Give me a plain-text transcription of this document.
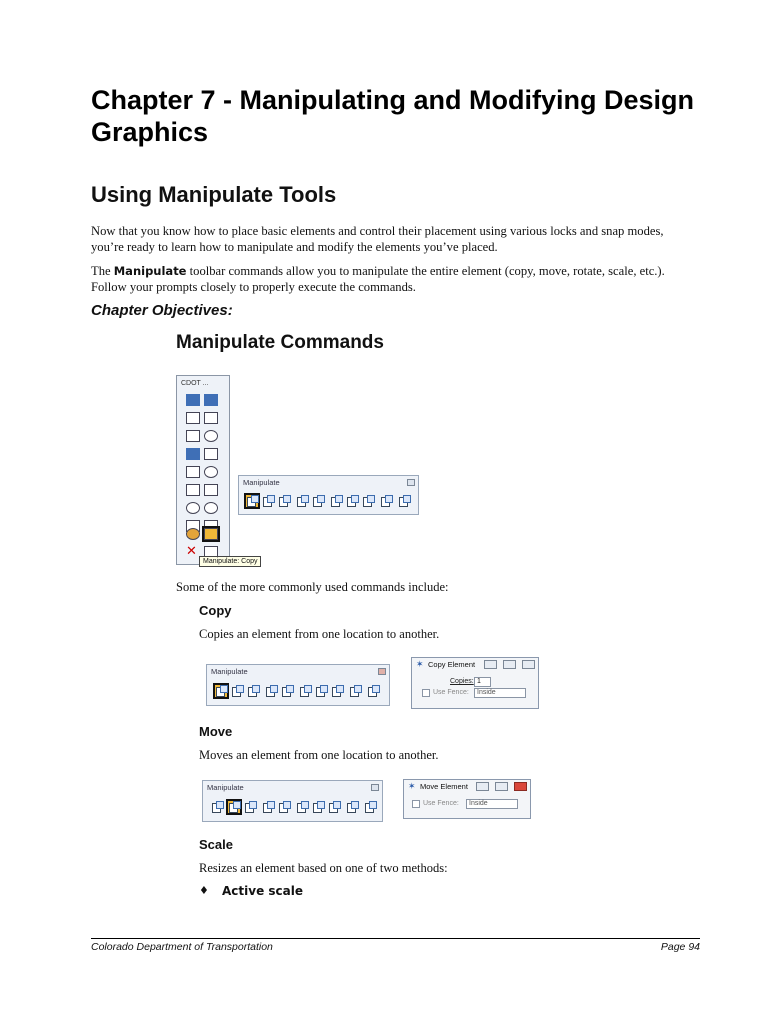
Chapter 7 - Manipulating and Modifying Design Graphics
Using Manipulate Tools
Now that you know how to place basic elements and control their placement using various locks and snap modes, you’re ready to learn how to manipulate and modify the elements you’ve placed.
The Manipulate toolbar commands allow you to manipulate the entire element (copy, move, rotate, scale, etc.). Follow your prompts closely to properly execute the commands.
Chapter Objectives:
Manipulate Commands
CDOT ...
✕
Manipulate: Copy
Manipulate
Some of the more commonly used commands include:
Copy
Copies an element from one location to another.
Manipulate
✶ Copy Element
Copies: 1
Use Fence:	Inside
Move
Moves an element from one location to another.
Manipulate	✶ Move Element
Use Fence:	Inside
Scale
Resizes an element based on one of two methods:
♦ Active scale
Colorado Department of Transportation	Page 94
